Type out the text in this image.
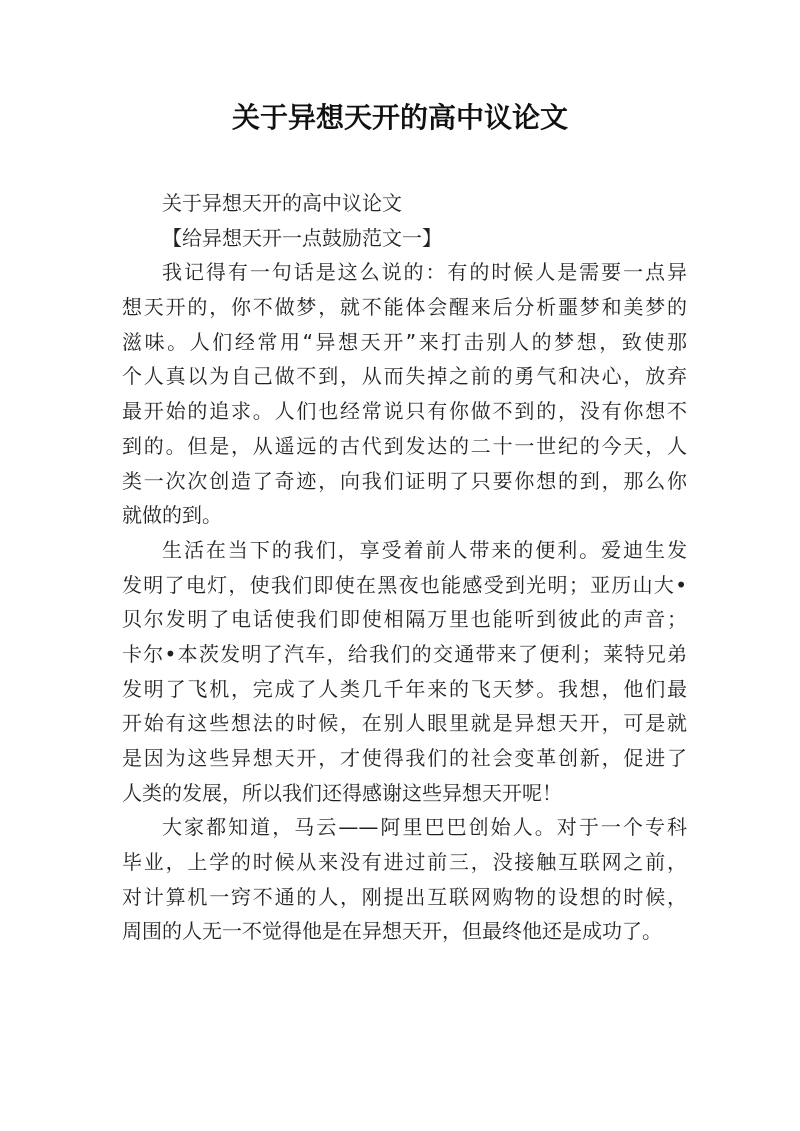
关于异想天开的高中议论文
关于异想天开的高中议论文
【给异想天开一点鼓励范文一】
我记得有一句话是这么说的：有的时候人是需要一点异
想天开的，你不做梦，就不能体会醒来后分析噩梦和美梦的
滋味。人们经常用“异想天开”来打击别人的梦想，致使那
个人真以为自己做不到，从而失掉之前的勇气和决心，放弃
最开始的追求。人们也经常说只有你做不到的，没有你想不
到的。但是，从遥远的古代到发达的二十一世纪的今天，人
类一次次创造了奇迹，向我们证明了只要你想的到，那么你
就做的到。
生活在当下的我们，享受着前人带来的便利。爱迪生发
发明了电灯，使我们即使在黑夜也能感受到光明；亚历山大•
贝尔发明了电话使我们即使相隔万里也能听到彼此的声音；
卡尔•本茨发明了汽车，给我们的交通带来了便利；莱特兄弟
发明了飞机，完成了人类几千年来的飞天梦。我想，他们最
开始有这些想法的时候，在别人眼里就是异想天开，可是就
是因为这些异想天开，才使得我们的社会变革创新，促进了
人类的发展，所以我们还得感谢这些异想天开呢！
大家都知道，马云——阿里巴巴创始人。对于一个专科
毕业，上学的时候从来没有进过前三，没接触互联网之前，
对计算机一窍不通的人，刚提出互联网购物的设想的时候，
周围的人无一不觉得他是在异想天开，但最终他还是成功了。
